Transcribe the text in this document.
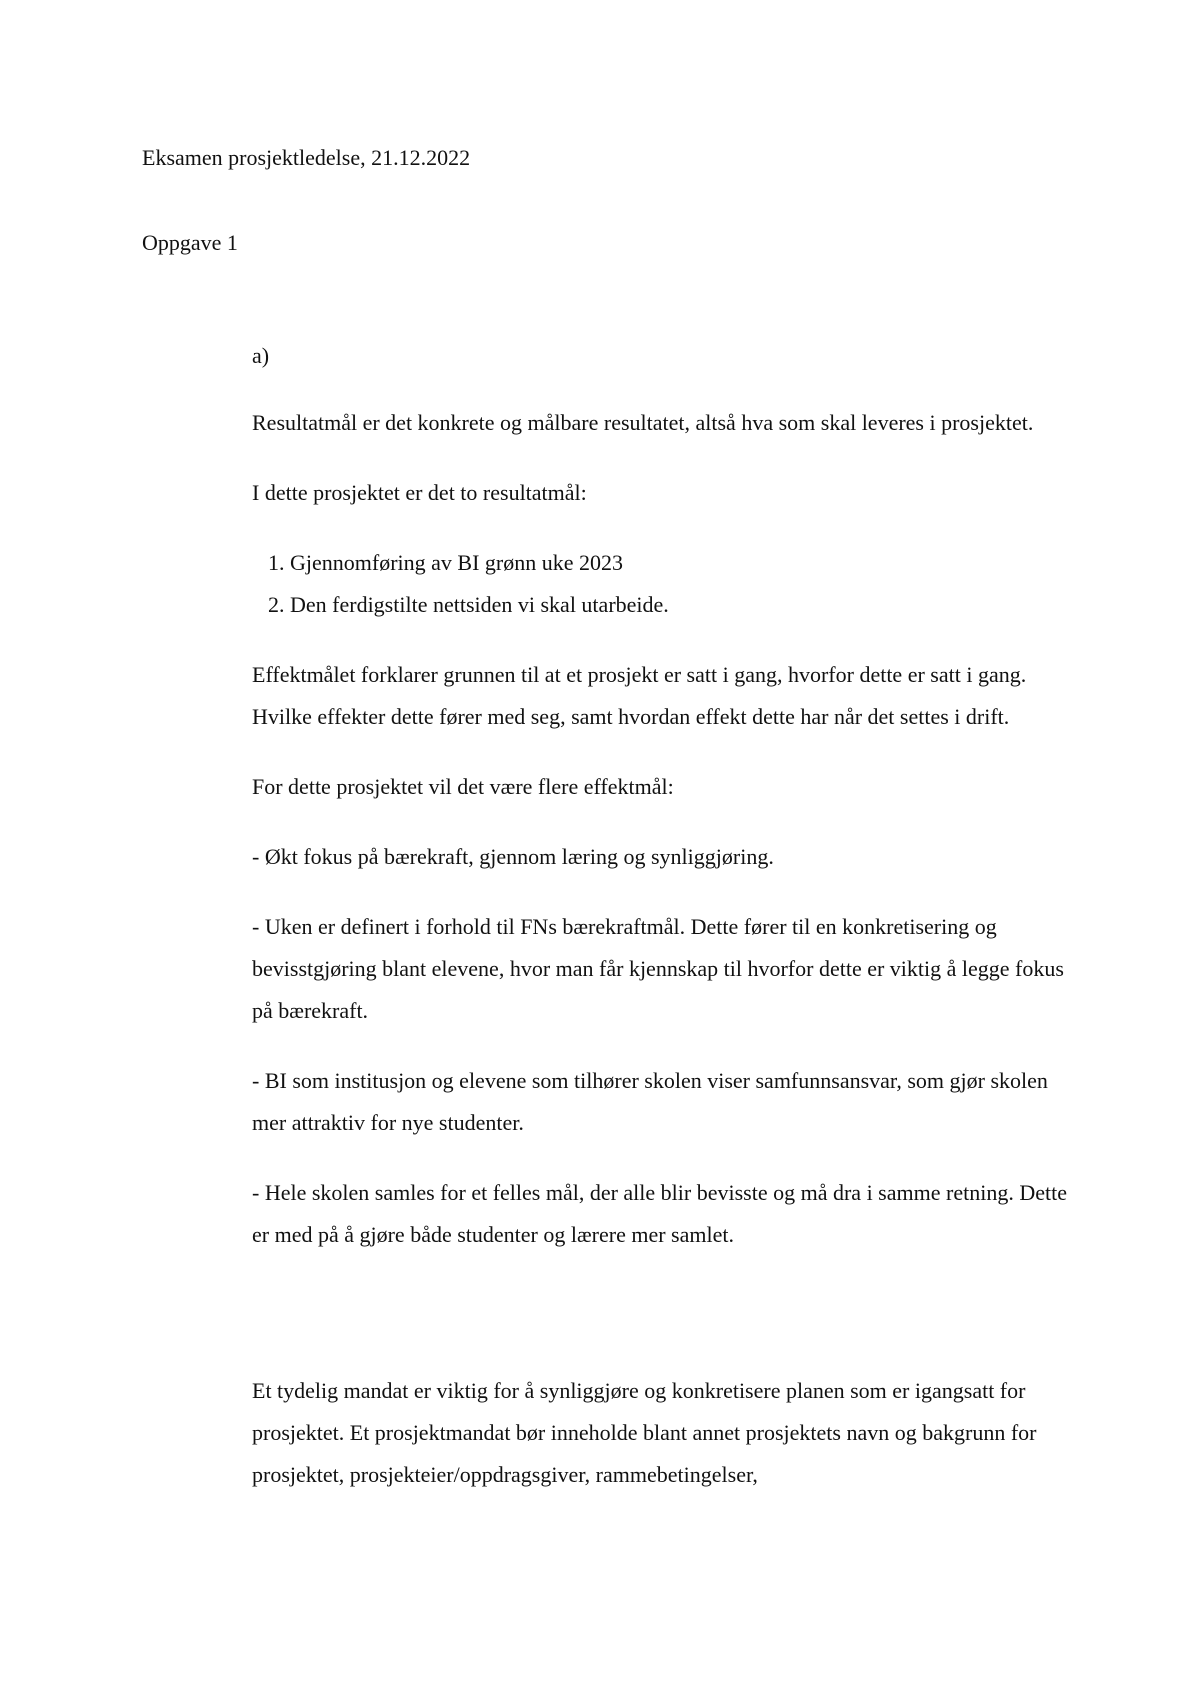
Eksamen prosjektledelse, 21.12.2022
Oppgave 1
a)

Resultatmål er det konkrete og målbare resultatet, altså hva som skal leveres i prosjektet.

I dette prosjektet er det to resultatmål:

1. Gjennomføring av BI grønn uke 2023
2. Den ferdigstilte nettsiden vi skal utarbeide.

Effektmålet forklarer grunnen til at et prosjekt er satt i gang, hvorfor dette er satt i gang. Hvilke effekter dette fører med seg, samt hvordan effekt dette har når det settes i drift.

For dette prosjektet vil det være flere effektmål:

- Økt fokus på bærekraft, gjennom læring og synliggjøring.

- Uken er definert i forhold til FNs bærekraftmål. Dette fører til en konkretisering og bevisstgjøring blant elevene, hvor man får kjennskap til hvorfor dette er viktig å legge fokus på bærekraft.

- BI som institusjon og elevene som tilhører skolen viser samfunnsansvar, som gjør skolen mer attraktiv for nye studenter.

- Hele skolen samles for et felles mål, der alle blir bevisste og må dra i samme retning. Dette er med på å gjøre både studenter og lærere mer samlet.

Et tydelig mandat er viktig for å synliggjøre og konkretisere planen som er igangsatt for prosjektet. Et prosjektmandat bør inneholde blant annet prosjektets navn og bakgrunn for prosjektet, prosjekteier/oppdragsgiver, rammebetingelser,
